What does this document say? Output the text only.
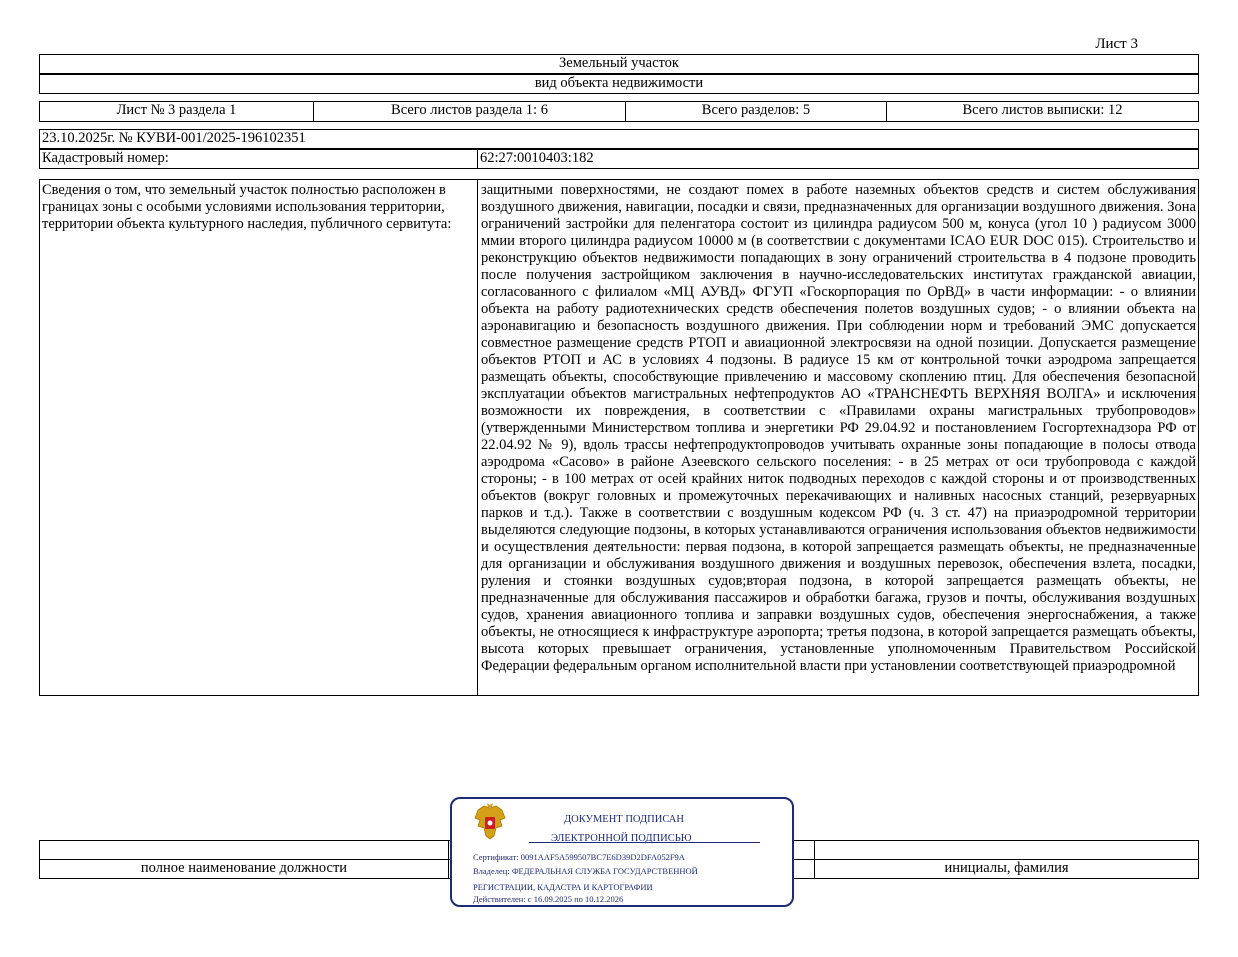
Лист 3
Земельный участок
вид объекта недвижимости
Лист № 3 раздела 1	Всего листов раздела 1: 6	Всего разделов: 5	Всего листов выписки: 12
23.10.2025г. № КУВИ-001/2025-196102351
Кадастровый номер:	62:27:0010403:182
Сведения о том, что земельный участок полностью расположен в границах зоны с особыми условиями использования территории, территории объекта культурного наследия, публичного сервитута:
защитными поверхностями, не создают помех в работе наземных объектов средств и систем обслуживания воздушного движения, навигации, посадки и связи, предназначенных для организации воздушного движения. Зона ограничений застройки для пеленгатора состоит из цилиндра радиусом 500 м, конуса (угол 10 ) радиусом 3000 ммии второго цилиндра радиусом 10000 м (в соответствии с документами ICAO EUR DOC 015). Строительство и реконструкцию объектов недвижимости попадающих в зону ограничений строительства в 4 подзоне проводить после получения застройщиком заключения в научно-исследовательских институтах гражданской авиации, согласованного с филиалом «МЦ АУВД» ФГУП «Госкорпорация по ОрВД» в части информации: - о влиянии объекта на работу радиотехнических средств обеспечения полетов воздушных судов; - о влиянии объекта на аэронавигацию и безопасность воздушного движения. При соблюдении норм и требований ЭМС допускается совместное размещение средств РТОП и авиационной электросвязи на одной позиции. Допускается размещение объектов РТОП и АС в условиях 4 подзоны. В радиусе 15 км от контрольной точки аэродрома запрещается размещать объекты, способствующие привлечению и массовому скоплению птиц. Для обеспечения безопасной эксплуатации объектов магистральных нефтепродуктов АО «ТРАНСНЕФТЬ ВЕРХНЯЯ ВОЛГА» и исключения возможности их повреждения, в соответствии с «Правилами охраны магистральных трубопроводов» (утвержденными Министерством топлива и энергетики РФ 29.04.92 и постановлением Госгортехнадзора РФ от 22.04.92 № 9), вдоль трассы нефтепродуктопроводов учитывать охранные зоны попадающие в полосы отвода аэродрома «Сасово» в районе Азеевского сельского поселения: - в 25 метрах от оси трубопровода с каждой стороны; - в 100 метрах от осей крайних ниток подводных переходов с каждой стороны и от производственных объектов (вокруг головных и промежуточных перекачивающих и наливных насосных станций, резервуарных парков и т.д.). Также в соответствии с воздушным кодексом РФ (ч. 3 ст. 47) на приаэродромной территории выделяются следующие подзоны, в которых устанавливаются ограничения использования объектов недвижимости и осуществления деятельности: первая подзона, в которой запрещается размещать объекты, не предназначенные для организации и обслуживания воздушного движения и воздушных перевозок, обеспечения взлета, посадки, руления и стоянки воздушных судов;вторая подзона, в которой запрещается размещать объекты, не предназначенные для обслуживания пассажиров и обработки багажа, грузов и почты, обслуживания воздушных судов, хранения авиационного топлива и заправки воздушных судов, обеспечения энергоснабжения, а также объекты, не относящиеся к инфраструктуре аэропорта; третья подзона, в которой запрещается размещать объекты, высота которых превышает ограничения, установленные уполномоченным Правительством Российской Федерации федеральным органом исполнительной власти при установлении соответствующей приаэродромной
полное наименование должности	инициалы, фамилия
ДОКУМЕНТ ПОДПИСАН
ЭЛЕКТРОННОЙ ПОДПИСЬЮ
Сертификат: 0091AAF5A599507BC7E6D39D2DFA052F9A
Владелец: ФЕДЕРАЛЬНАЯ СЛУЖБА ГОСУДАРСТВЕННОЙ
РЕГИСТРАЦИИ, КАДАСТРА И КАРТОГРАФИИ
Действителен: с 16.09.2025 по 10.12.2026
